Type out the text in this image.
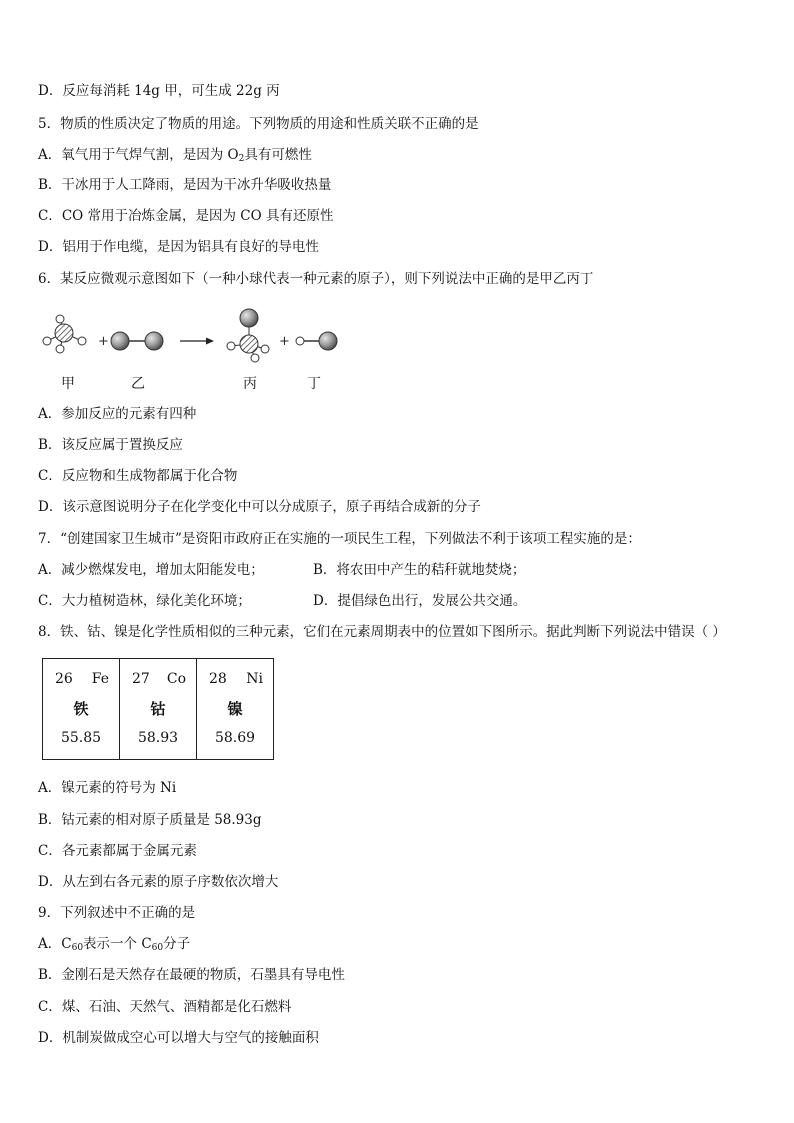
D．反应每消耗 14g 甲，可生成 22g 丙
5．物质的性质决定了物质的用途。下列物质的用途和性质关联不正确的是
A．氧气用于气焊气割，是因为 $O_2$具有可燃性
B．干冰用于人工降雨，是因为干冰升华吸收热量
C．CO 常用于冶炼金属，是因为 CO 具有还原性
D．铝用于作电缆，是因为铝具有良好的导电性
6．某反应微观示意图如下（一种小球代表一种元素的原子），则下列说法中正确的是甲乙丙丁
+	+
甲	乙	丙	丁
A．参加反应的元素有四种
B．该反应属于置换反应
C．反应物和生成物都属于化合物
D．该示意图说明分子在化学变化中可以分成原子，原子再结合成新的分子
7．“创建国家卫生城市”是资阳市政府正在实施的一项民生工程，下列做法不利于该项工程实施的是：
A．减少燃煤发电，增加太阳能发电；	B．将农田中产生的秸秆就地焚烧；
C．大力植树造林，绿化美化环境；	D．提倡绿色出行，发展公共交通。
8．铁、钴、镍是化学性质相似的三种元素，它们在元素周期表中的位置如下图所示。据此判断下列说法中错误（ ）
26 Fe
铁
55.85

27 Co
钴
58.93

28 Ni
镍
58.69
A．镍元素的符号为 Ni
B．钴元素的相对原子质量是 58.93g
C．各元素都属于金属元素
D．从左到右各元素的原子序数依次增大
9．下列叙述中不正确的是
A．$C_{60}$表示一个 $C_{60}$分子
B．金刚石是天然存在最硬的物质，石墨具有导电性
C．煤、石油、天然气、酒精都是化石燃料
D．机制炭做成空心可以增大与空气的接触面积
